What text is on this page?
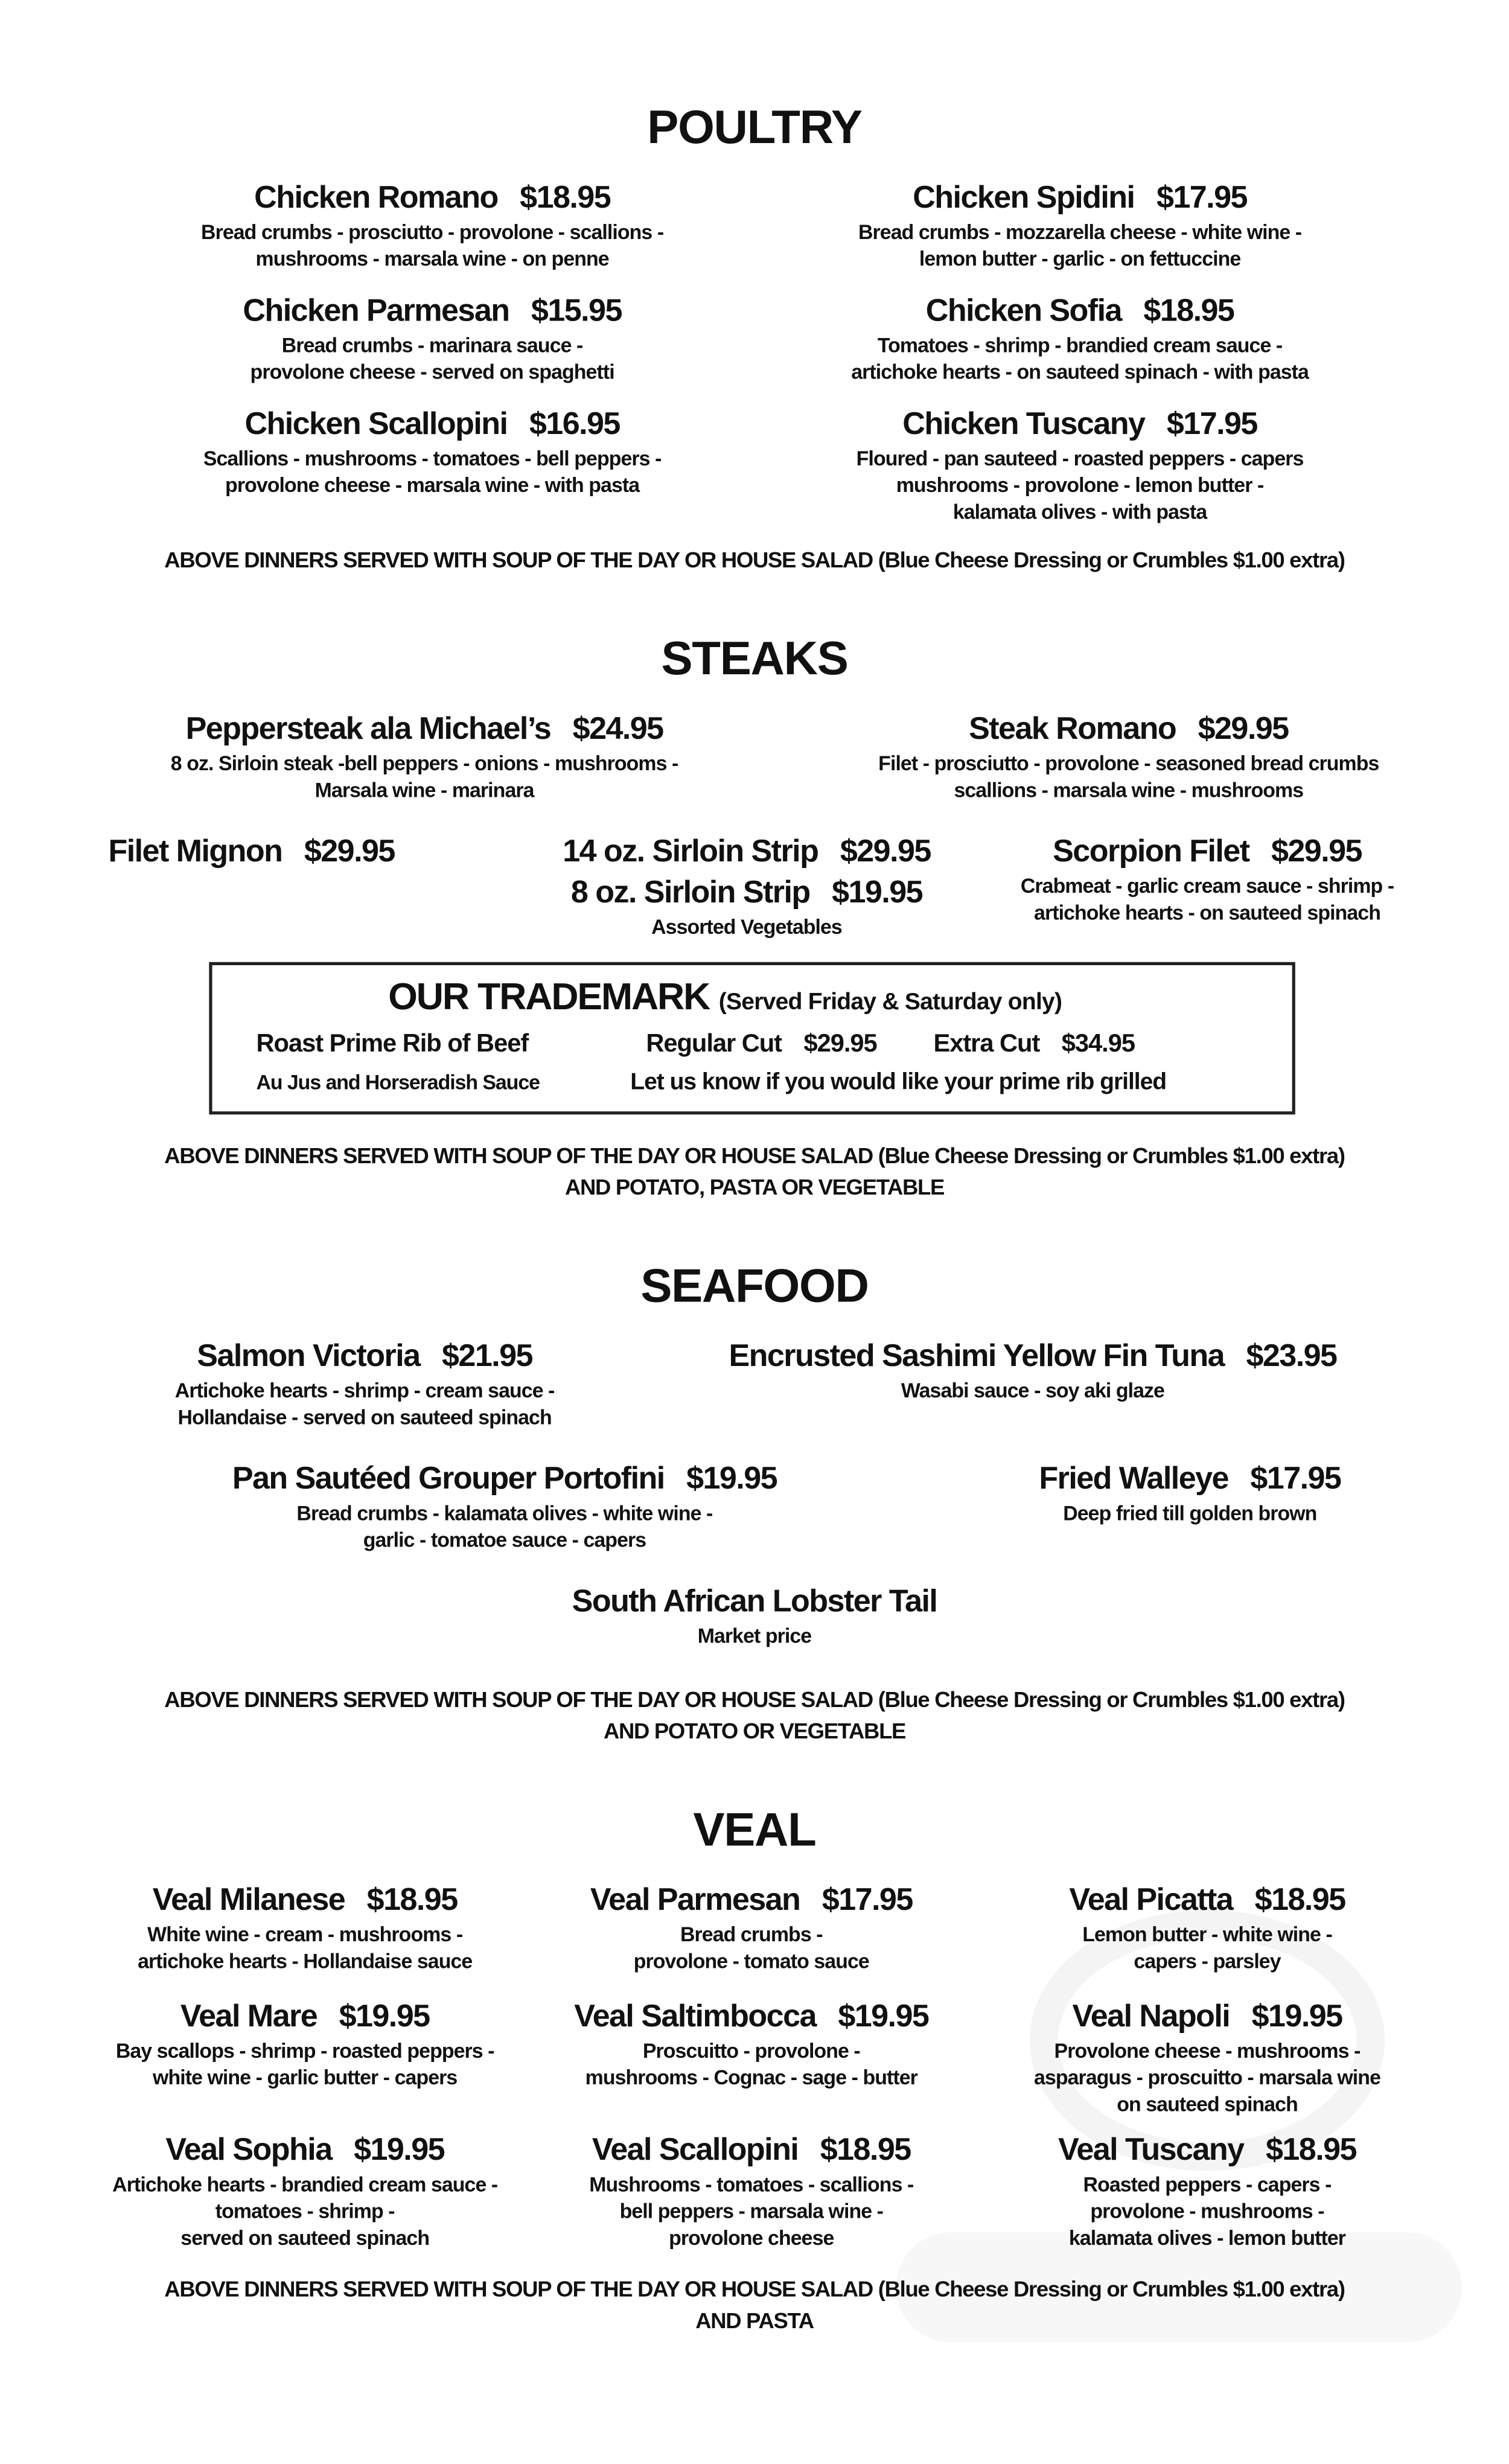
POULTRY
Chicken Romano $18.95
Bread crumbs - prosciutto - provolone - scallions -
mushrooms - marsala wine - on penne
Chicken Spidini $17.95
Bread crumbs - mozzarella cheese - white wine -
lemon butter - garlic - on fettuccine
Chicken Parmesan $15.95
Bread crumbs - marinara sauce -
provolone cheese - served on spaghetti
Chicken Sofia $18.95
Tomatoes - shrimp - brandied cream sauce -
artichoke hearts - on sauteed spinach - with pasta
Chicken Scallopini $16.95
Scallions - mushrooms - tomatoes - bell peppers -
provolone cheese - marsala wine - with pasta
Chicken Tuscany $17.95
Floured - pan sauteed - roasted peppers - capers
mushrooms - provolone - lemon butter -
kalamata olives - with pasta
ABOVE DINNERS SERVED WITH SOUP OF THE DAY OR HOUSE SALAD (Blue Cheese Dressing or Crumbles $1.00 extra)
STEAKS
Peppersteak ala Michael’s $24.95
8 oz. Sirloin steak -bell peppers - onions - mushrooms -
Marsala wine - marinara
Steak Romano $29.95
Filet - prosciutto - provolone - seasoned bread crumbs
scallions - marsala wine - mushrooms
Filet Mignon $29.95	14 oz. Sirloin Strip $29.95
8 oz. Sirloin Strip $19.95
Assorted Vegetables
Scorpion Filet $29.95
Crabmeat - garlic cream sauce - shrimp -
artichoke hearts - on sauteed spinach
OUR TRADEMARK (Served Friday & Saturday only)
Roast Prime Rib of Beef	Regular Cut $29.95	Extra Cut $34.95
Au Jus and Horseradish Sauce	Let us know if you would like your prime rib grilled
ABOVE DINNERS SERVED WITH SOUP OF THE DAY OR HOUSE SALAD (Blue Cheese Dressing or Crumbles $1.00 extra)
AND POTATO, PASTA OR VEGETABLE
SEAFOOD
Salmon Victoria $21.95
Artichoke hearts - shrimp - cream sauce -
Hollandaise - served on sauteed spinach
Encrusted Sashimi Yellow Fin Tuna $23.95
Wasabi sauce - soy aki glaze
Pan Sautéed Grouper Portofini $19.95
Bread crumbs - kalamata olives - white wine -
garlic - tomatoe sauce - capers
Fried Walleye $17.95
Deep fried till golden brown
South African Lobster Tail
Market price
ABOVE DINNERS SERVED WITH SOUP OF THE DAY OR HOUSE SALAD (Blue Cheese Dressing or Crumbles $1.00 extra)
AND POTATO OR VEGETABLE
VEAL
Veal Milanese $18.95
White wine - cream - mushrooms -
artichoke hearts - Hollandaise sauce
Veal Parmesan $17.95
Bread crumbs -
provolone - tomato sauce
Veal Picatta $18.95
Lemon butter - white wine -
capers - parsley
Veal Mare $19.95
Bay scallops - shrimp - roasted peppers -
white wine - garlic butter - capers
Veal Saltimbocca $19.95
Proscuitto - provolone -
mushrooms - Cognac - sage - butter
Veal Napoli $19.95
Provolone cheese - mushrooms -
asparagus - proscuitto - marsala wine
on sauteed spinach
Veal Sophia $19.95
Artichoke hearts - brandied cream sauce -
tomatoes - shrimp -
served on sauteed spinach
Veal Scallopini $18.95
Mushrooms - tomatoes - scallions -
bell peppers - marsala wine -
provolone cheese
Veal Tuscany $18.95
Roasted peppers - capers -
provolone - mushrooms -
kalamata olives - lemon butter
ABOVE DINNERS SERVED WITH SOUP OF THE DAY OR HOUSE SALAD (Blue Cheese Dressing or Crumbles $1.00 extra)
AND PASTA
